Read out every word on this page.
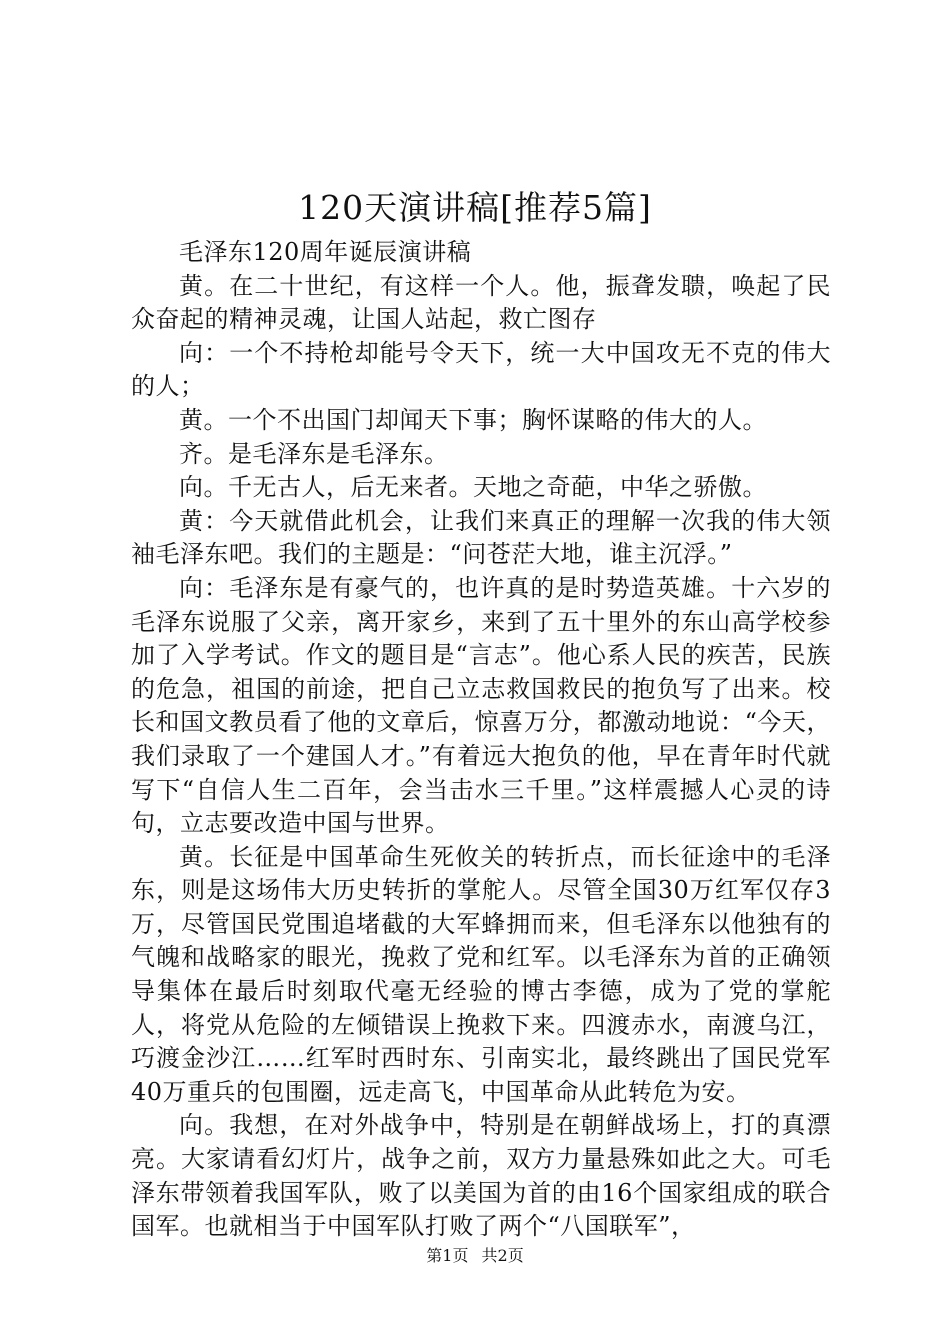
120天演讲稿[推荐5篇]

毛泽东120周年诞辰演讲稿

黄。在二十世纪，有这样一个人。他，振聋发聩，唤起了民众奋起的精神灵魂，让国人站起，救亡图存

向：一个不持枪却能号令天下，统一大中国攻无不克的伟大的人；

黄。一个不出国门却闻天下事；胸怀谋略的伟大的人。

齐。是毛泽东是毛泽东。

向。千无古人，后无来者。天地之奇葩，中华之骄傲。

黄：今天就借此机会，让我们来真正的理解一次我的伟大领袖毛泽东吧。我们的主题是：“问苍茫大地，谁主沉浮。”

向：毛泽东是有豪气的，也许真的是时势造英雄。十六岁的毛泽东说服了父亲，离开家乡，来到了五十里外的东山高学校参加了入学考试。作文的题目是“言志”。他心系人民的疾苦，民族的危急，祖国的前途，把自己立志救国救民的抱负写了出来。校长和国文教员看了他的文章后，惊喜万分，都激动地说：“今天，我们录取了一个建国人才。”有着远大抱负的他，早在青年时代就写下“自信人生二百年，会当击水三千里。”这样震撼人心灵的诗句，立志要改造中国与世界。

黄。长征是中国革命生死攸关的转折点，而长征途中的毛泽东，则是这场伟大历史转折的掌舵人。尽管全国30万红军仅存3万，尽管国民党围追堵截的大军蜂拥而来，但毛泽东以他独有的气魄和战略家的眼光，挽救了党和红军。以毛泽东为首的正确领导集体在最后时刻取代毫无经验的博古李德，成为了党的掌舵人，将党从危险的左倾错误上挽救下来。四渡赤水，南渡乌江，巧渡金沙江……红军时西时东、引南实北，最终跳出了国民党军40万重兵的包围圈，远走高飞，中国革命从此转危为安。

向。我想，在对外战争中，特别是在朝鲜战场上，打的真漂亮。大家请看幻灯片，战争之前，双方力量悬殊如此之大。可毛泽东带领着我国军队，败了以美国为首的由16个国家组成的联合国军。也就相当于中国军队打败了两个“八国联军”，

第1页 共2页
